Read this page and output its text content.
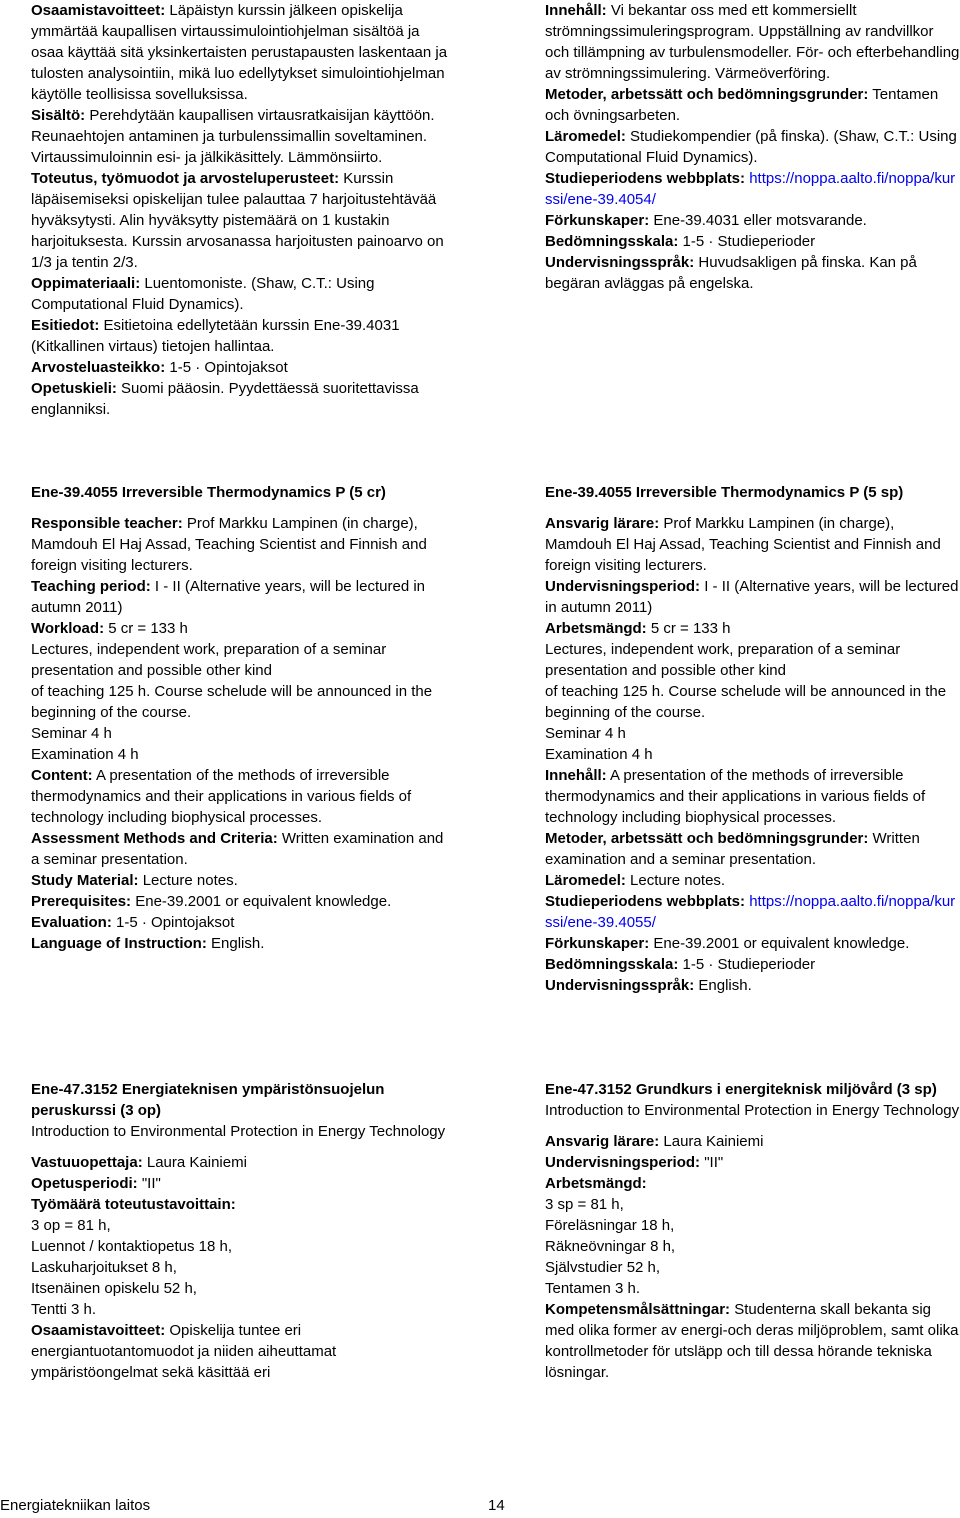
Osaamistavoitteet: Läpäistyn kurssin jälkeen opiskelija ymmärtää kaupallisen virtaussimulointiohjelman sisältöä ja osaa käyttää sitä yksinkertaisten perustapausten laskentaan ja tulosten analysointiin, mikä luo edellytykset simulointiohjelman käytölle teollisissa sovelluksissa.

Sisältö: Perehdytään kaupallisen virtausratkaisijan käyttöön. Reunaehtojen antaminen ja turbulenssimallin soveltaminen. Virtaussimuloinnin esi- ja jälkikäsittely. Lämmönsiirto.

Toteutus, työmuodot ja arvosteluperusteet: Kurssin läpäisemiseksi opiskelijan tulee palauttaa 7 harjoitustehtävää hyväksytysti. Alin hyväksytty pistemäärä on 1 kustakin harjoituksesta. Kurssin arvosanassa harjoitusten painoarvo on 1/3 ja tentin 2/3.

Oppimateriaali: Luentomoniste. (Shaw, C.T.: Using Computational Fluid Dynamics).

Esitiedot: Esitietoina edellytetään kurssin Ene-39.4031 (Kitkallinen virtaus) tietojen hallintaa.

Arvosteluasteikko: 1-5 · Opintojaksot

Opetuskieli: Suomi pääosin. Pyydettäessä suoritettavissa englanniksi.

Innehåll: Vi bekantar oss med ett kommersiellt strömningssimuleringsprogram. Uppställning av randvillkor och tillämpning av turbulensmodeller. För- och efterbehandling av strömningssimulering. Värmeöverföring.

Metoder, arbetssätt och bedömningsgrunder: Tentamen och övningsarbeten.

Läromedel: Studiekompendier (på finska). (Shaw, C.T.: Using Computational Fluid Dynamics).

Studieperiodens webbplats: https://noppa.aalto.fi/noppa/kurssi/ene-39.4054/

Förkunskaper: Ene-39.4031 eller motsvarande.

Bedömningsskala: 1-5 · Studieperioder

Undervisningsspråk: Huvudsakligen på finska. Kan på begäran avläggas på engelska.

Ene-39.4055 Irreversible Thermodynamics P (5 cr)

Responsible teacher: Prof Markku Lampinen (in charge), Mamdouh El Haj Assad, Teaching Scientist and Finnish and foreign visiting lecturers.

Teaching period: I - II (Alternative years, will be lectured in autumn 2011)

Workload: 5 cr = 133 h

Lectures, independent work, preparation of a seminar presentation and possible other kind

of teaching 125 h. Course schelude will be announced in the beginning of the course.

Seminar 4 h

Examination 4 h

Content: A presentation of the methods of irreversible thermodynamics and their applications in various fields of technology including biophysical processes.

Assessment Methods and Criteria: Written examination and a seminar presentation.

Study Material: Lecture notes.

Prerequisites: Ene-39.2001 or equivalent knowledge.

Evaluation: 1-5 · Opintojaksot

Language of Instruction: English.

Ene-39.4055 Irreversible Thermodynamics P (5 sp)

Ansvarig lärare: Prof Markku Lampinen (in charge), Mamdouh El Haj Assad, Teaching Scientist and Finnish and foreign visiting lecturers.

Undervisningsperiod: I - II (Alternative years, will be lectured in autumn 2011)

Arbetsmängd: 5 cr = 133 h

Lectures, independent work, preparation of a seminar presentation and possible other kind

of teaching 125 h. Course schelude will be announced in the beginning of the course.

Seminar 4 h

Examination 4 h

Innehåll: A presentation of the methods of irreversible thermodynamics and their applications in various fields of technology including biophysical processes.

Metoder, arbetssätt och bedömningsgrunder: Written examination and a seminar presentation.

Läromedel: Lecture notes.

Studieperiodens webbplats: https://noppa.aalto.fi/noppa/kurssi/ene-39.4055/

Förkunskaper: Ene-39.2001 or equivalent knowledge.

Bedömningsskala: 1-5 · Studieperioder

Undervisningsspråk: English.

Ene-47.3152 Energiateknisen ympäristönsuojelun peruskurssi (3 op)

Introduction to Environmental Protection in Energy Technology

Vastuuopettaja: Laura Kainiemi

Opetusperiodi: "II"

Työmäärä toteutustavoittain:

3 op = 81 h,

Luennot / kontaktiopetus 18 h,

Laskuharjoitukset 8 h,

Itsenäinen opiskelu 52 h,

Tentti 3 h.

Osaamistavoitteet: Opiskelija tuntee eri energiantuotantomuodot ja niiden aiheuttamat ympäristöongelmat sekä käsittää eri

Ene-47.3152 Grundkurs i energiteknisk miljövård (3 sp)

Introduction to Environmental Protection in Energy Technology

Ansvarig lärare: Laura Kainiemi

Undervisningsperiod: "II"

Arbetsmängd:

3 sp = 81 h,

Föreläsningar 18 h,

Räkneövningar 8 h,

Självstudier 52 h,

Tentamen 3 h.

Kompetensmålsättningar: Studenterna skall bekanta sig med olika former av energi-och deras miljöproblem, samt olika kontrollmetoder för utsläpp och till dessa hörande tekniska lösningar.

Energiatekniikan laitos	14
